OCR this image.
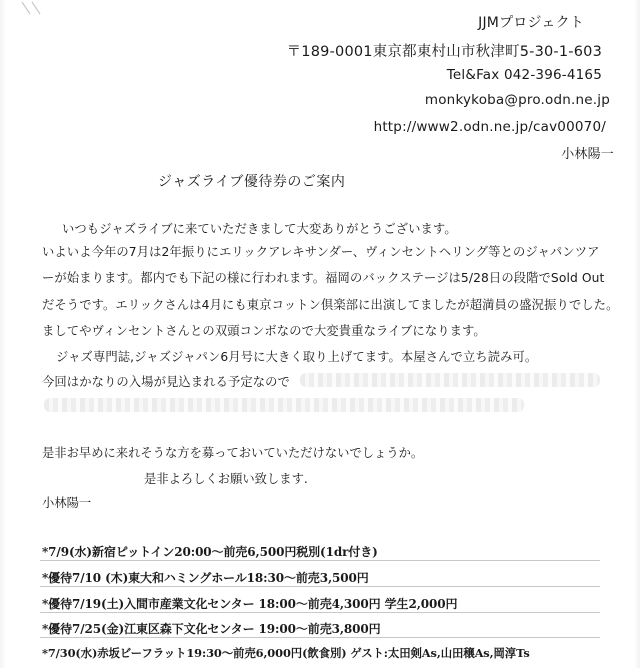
JJMプロジェクト
〒189-0001東京都東村山市秋津町5-30-1-603
Tel&Fax 042-396-4165
monkykoba@pro.odn.ne.jp
http://www2.odn.ne.jp/cav00070/
小林陽一
ジャズライブ優待券のご案内
いつもジャズライブに来ていただきまして大変ありがとうございます。
いよいよ今年の7月は2年振りにエリックアレキサンダー、ヴィンセントヘリング等とのジャパンツア
ーが始まります。都内でも下記の様に行われます。福岡のバックステージは5/28日の段階でSold Out
だそうです。エリックさんは4月にも東京コットン倶楽部に出演してましたが超満員の盛況振りでした。
ましてやヴィンセントさんとの双頭コンボなので大変貴重なライブになります。
ジャズ専門誌,ジャズジャパン6月号に大きく取り上げてます。本屋さんで立ち読み可。
今回はかなりの入場が見込まれる予定なので
是非お早めに来れそうな方を募っておいていただけないでしょうか。
是非よろしくお願い致します.
小林陽一
*7/9(水)新宿ピットイン20:00～前売6,500円税別(1dr付き)
*優待7/10 (木)東大和ハミングホール18:30～前売3,500円
*優待7/19(土)入間市産業文化センター 18:00～前売4,300円 学生2,000円
*優待7/25(金)江東区森下文化センター 19:00～前売3,800円
*7/30(水)赤坂ビーフラット19:30～前売6,000円(飲食別) ゲスト:太田剣As,山田穣As,岡淳Ts
